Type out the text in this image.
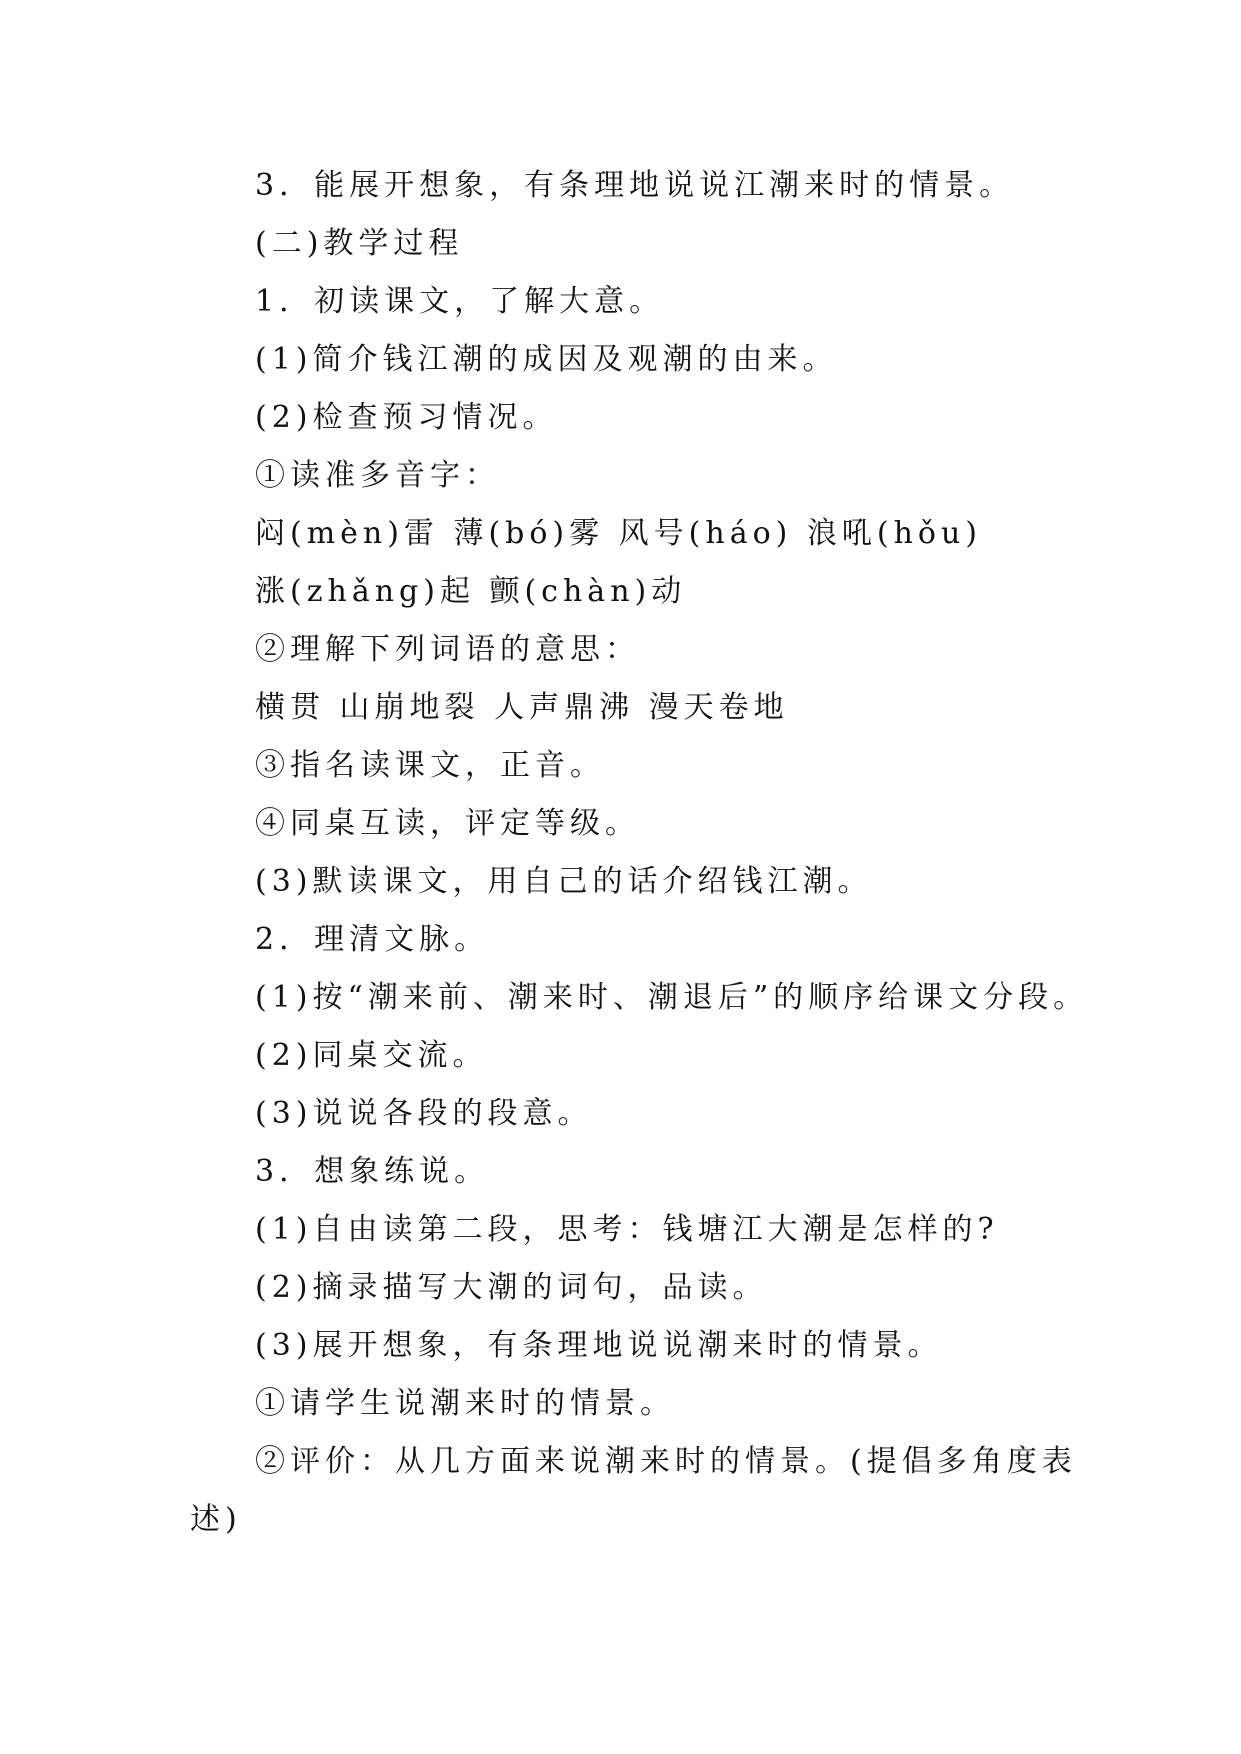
3．能展开想象，有条理地说说江潮来时的情景。
(二)教学过程
1．初读课文，了解大意。
(1)简介钱江潮的成因及观潮的由来。
(2)检查预习情况。
①读准多音字：
闷(mèn)雷 薄(bó)雾 风号(háo) 浪吼(hǒu)
涨(zhǎng)起 颤(chàn)动
②理解下列词语的意思：
横贯 山崩地裂 人声鼎沸 漫天卷地
③指名读课文，正音。
④同桌互读，评定等级。
(3)默读课文，用自己的话介绍钱江潮。
2．理清文脉。
(1)按“潮来前、潮来时、潮退后”的顺序给课文分段。
(2)同桌交流。
(3)说说各段的段意。
3．想象练说。
(1)自由读第二段，思考：钱塘江大潮是怎样的?
(2)摘录描写大潮的词句，品读。
(3)展开想象，有条理地说说潮来时的情景。
①请学生说潮来时的情景。
②评价：从几方面来说潮来时的情景。(提倡多角度表
述)
